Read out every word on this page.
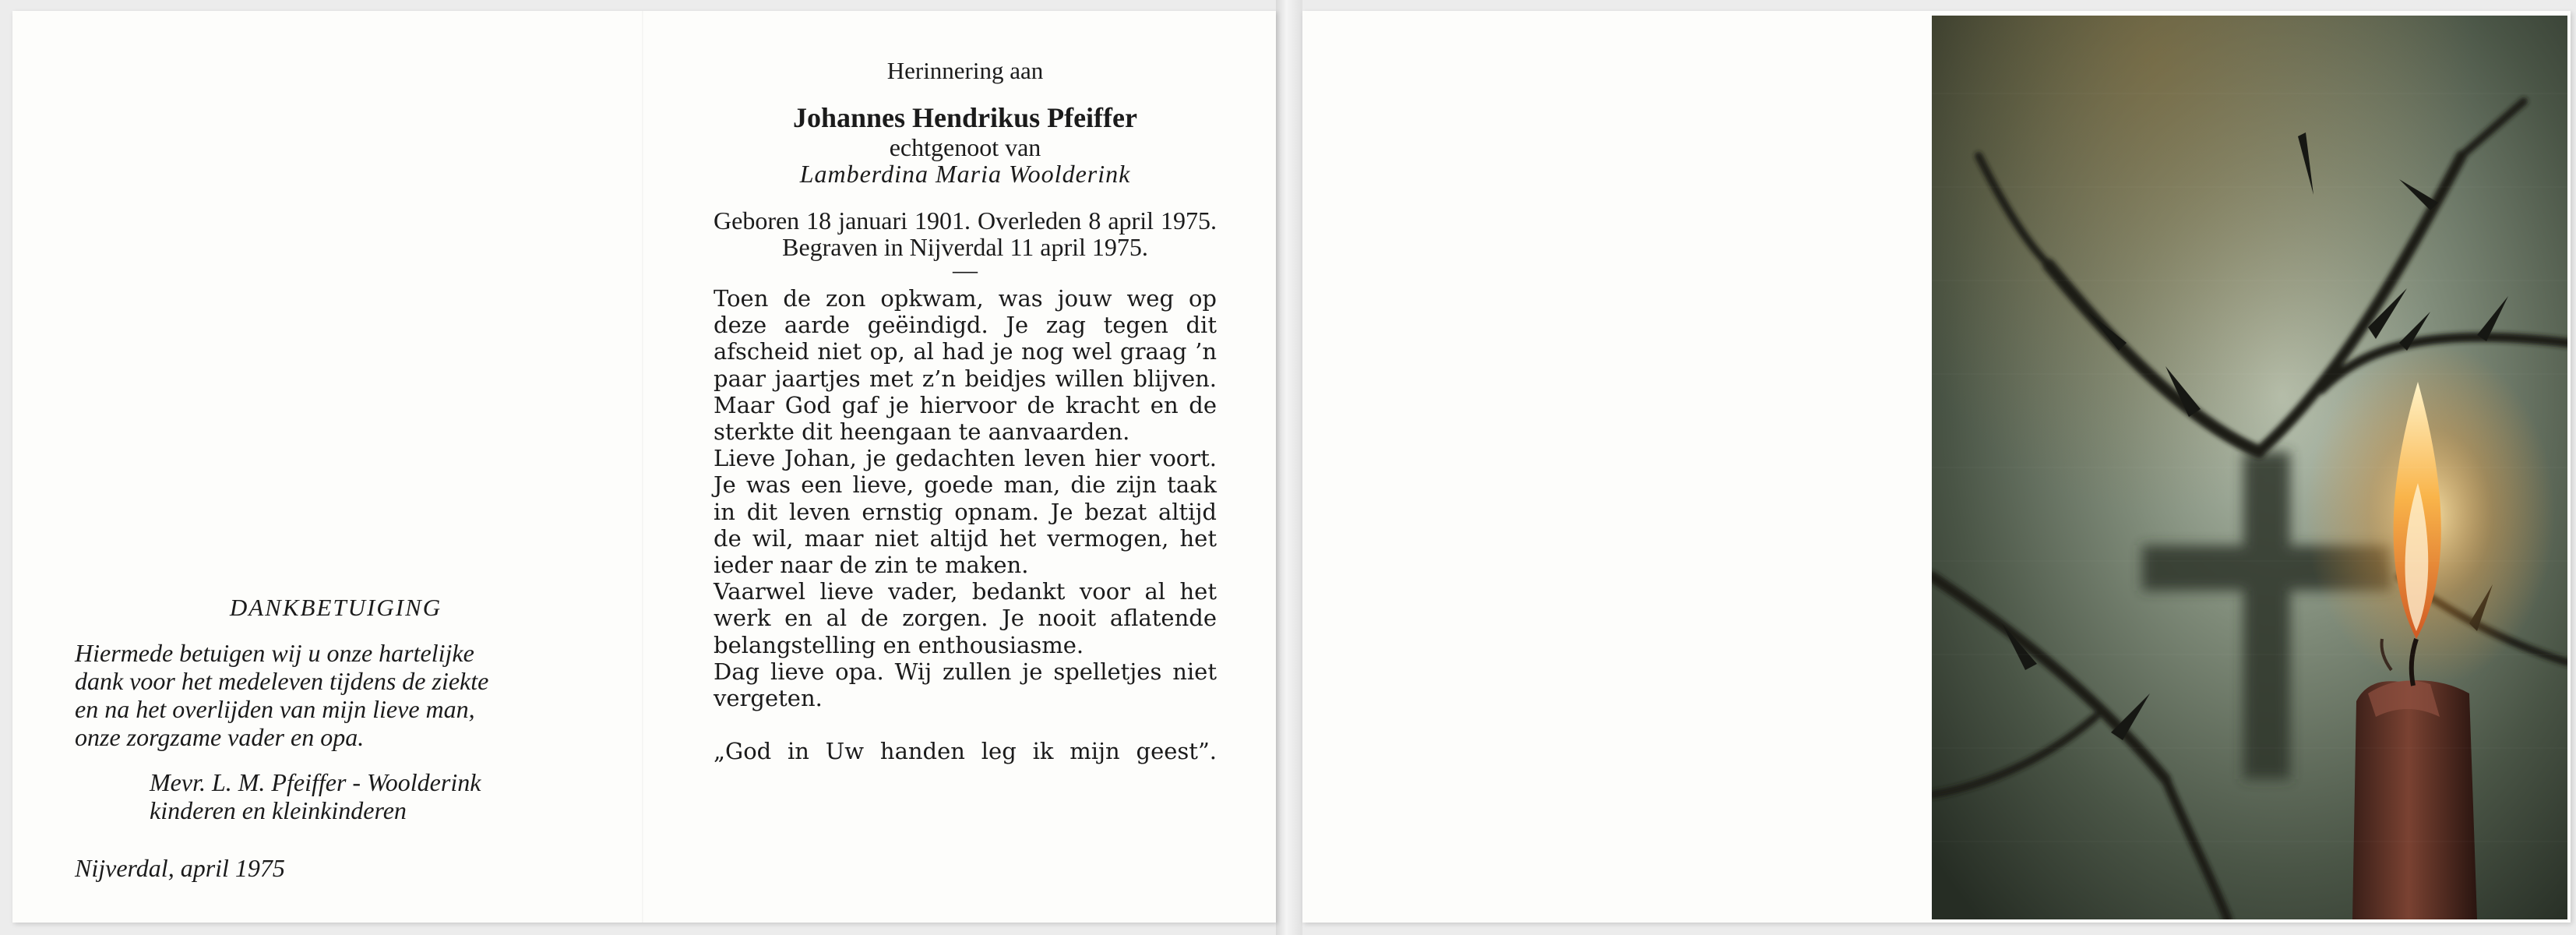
DANKBETUIGING
Hiermede betuigen wij u onze hartelijke
dank voor het medeleven tijdens de ziekte
en na het overlijden van mijn lieve man,
onze zorgzame vader en opa.
Mevr. L. M. Pfeiffer - Woolderink
kinderen en kleinkinderen
Nijverdal, april 1975
Herinnering aan
Johannes Hendrikus Pfeiffer
echtgenoot van
Lamberdina Maria Woolderink
Geboren 18 januari 1901. Overleden 8 april 1975. Begraven in Nijverdal 11 april 1975.
—

Toen de zon opkwam, was jouw weg op deze aarde geëindigd. Je zag tegen dit afscheid niet op, al had je nog wel graag ’n paar jaartjes met z’n beidjes willen blijven. Maar God gaf je hiervoor de kracht en de sterkte dit heengaan te aanvaarden.

Lieve Johan, je gedachten leven hier voort. Je was een lieve, goede man, die zijn taak in dit leven ernstig opnam. Je bezat altijd de wil, maar niet altijd het vermogen, het ieder naar de zin te maken.

Vaarwel lieve vader, bedankt voor al het werk en al de zorgen. Je nooit aflatende belangstelling en enthousiasme.

Dag lieve opa. Wij zullen je spelletjes niet vergeten.

„God in Uw handen leg ik mijn geest”.
